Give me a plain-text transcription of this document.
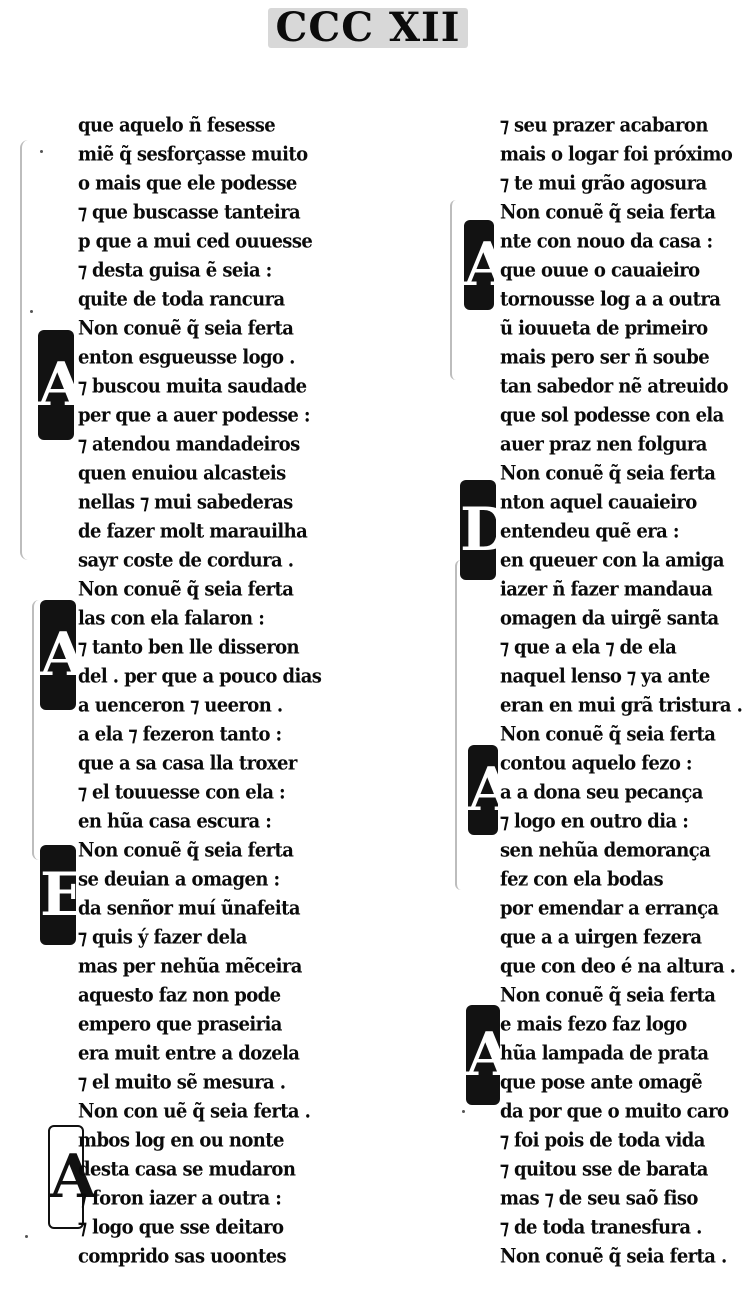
CCC XII
A
A
E
A
A
D
A
A
que aquelo ñ fesesse
miẽ q̃ sesforçasse muito
o mais que ele podesse
⁊ que buscasse tanteira
p que a mui ced ouuesse
⁊ desta guisa ẽ seia :
quite de toda rancura
Non conuẽ q̃ seia ferta
enton esgueusse logo .
⁊ buscou muita saudade
per que a auer podesse :
⁊ atendou mandadeiros
quen enuiou alcasteis
nellas ⁊ mui sabederas
de fazer molt marauilha
sayr coste de cordura .
Non conuẽ q̃ seia ferta
las con ela falaron :
⁊ tanto ben lle disseron
del . per que a pouco dias
a uenceron ⁊ ueeron .
a ela ⁊ fezeron tanto :
que a sa casa lla troxer
⁊ el touuesse con ela :
en hũa casa escura :
Non conuẽ q̃ seia ferta
se deuian a omagen :
da senñor muí ũnafeita
⁊ quis ý fazer dela
mas per nehũa mẽceira
aquesto faz non pode
empero que praseiria
era muit entre a dozela
⁊ el muito sẽ mesura .
Non con uẽ q̃ seia ferta .
mbos log en ou nonte
desta casa se mudaron
⁊ foron iazer a outra :
⁊ logo que sse deitaro
comprido sas uoontes
⁊ seu prazer acabaron
mais o logar foi próximo
⁊ te mui grão agosura
Non conuẽ q̃ seia ferta
nte con nouo da casa :
que ouue o cauaieiro
tornousse log a a outra
ũ iouueta de primeiro
mais pero ser ñ soube
tan sabedor nẽ atreuido
que sol podesse con ela
auer praz nen folgura
Non conuẽ q̃ seia ferta
nton aquel cauaieiro
entendeu quẽ era :
en queuer con la amiga
iazer ñ fazer mandaua
omagen da uirgẽ santa
⁊ que a ela ⁊ de ela
naquel lenso ⁊ ya ante
eran en mui grã tristura .
Non conuẽ q̃ seia ferta
contou aquelo fezo :
a a dona seu pecança
⁊ logo en outro dia :
sen nehũa demorança
fez con ela bodas
por emendar a errança
que a a uirgen fezera
que con deo é na altura .
Non conuẽ q̃ seia ferta
e mais fezo faz logo
hũa lampada de prata
que pose ante omagẽ
da por que o muito caro
⁊ foi pois de toda vida
⁊ quitou sse de barata
mas ⁊ de seu saõ fiso
⁊ de toda tranesfura .
Non conuẽ q̃ seia ferta .
